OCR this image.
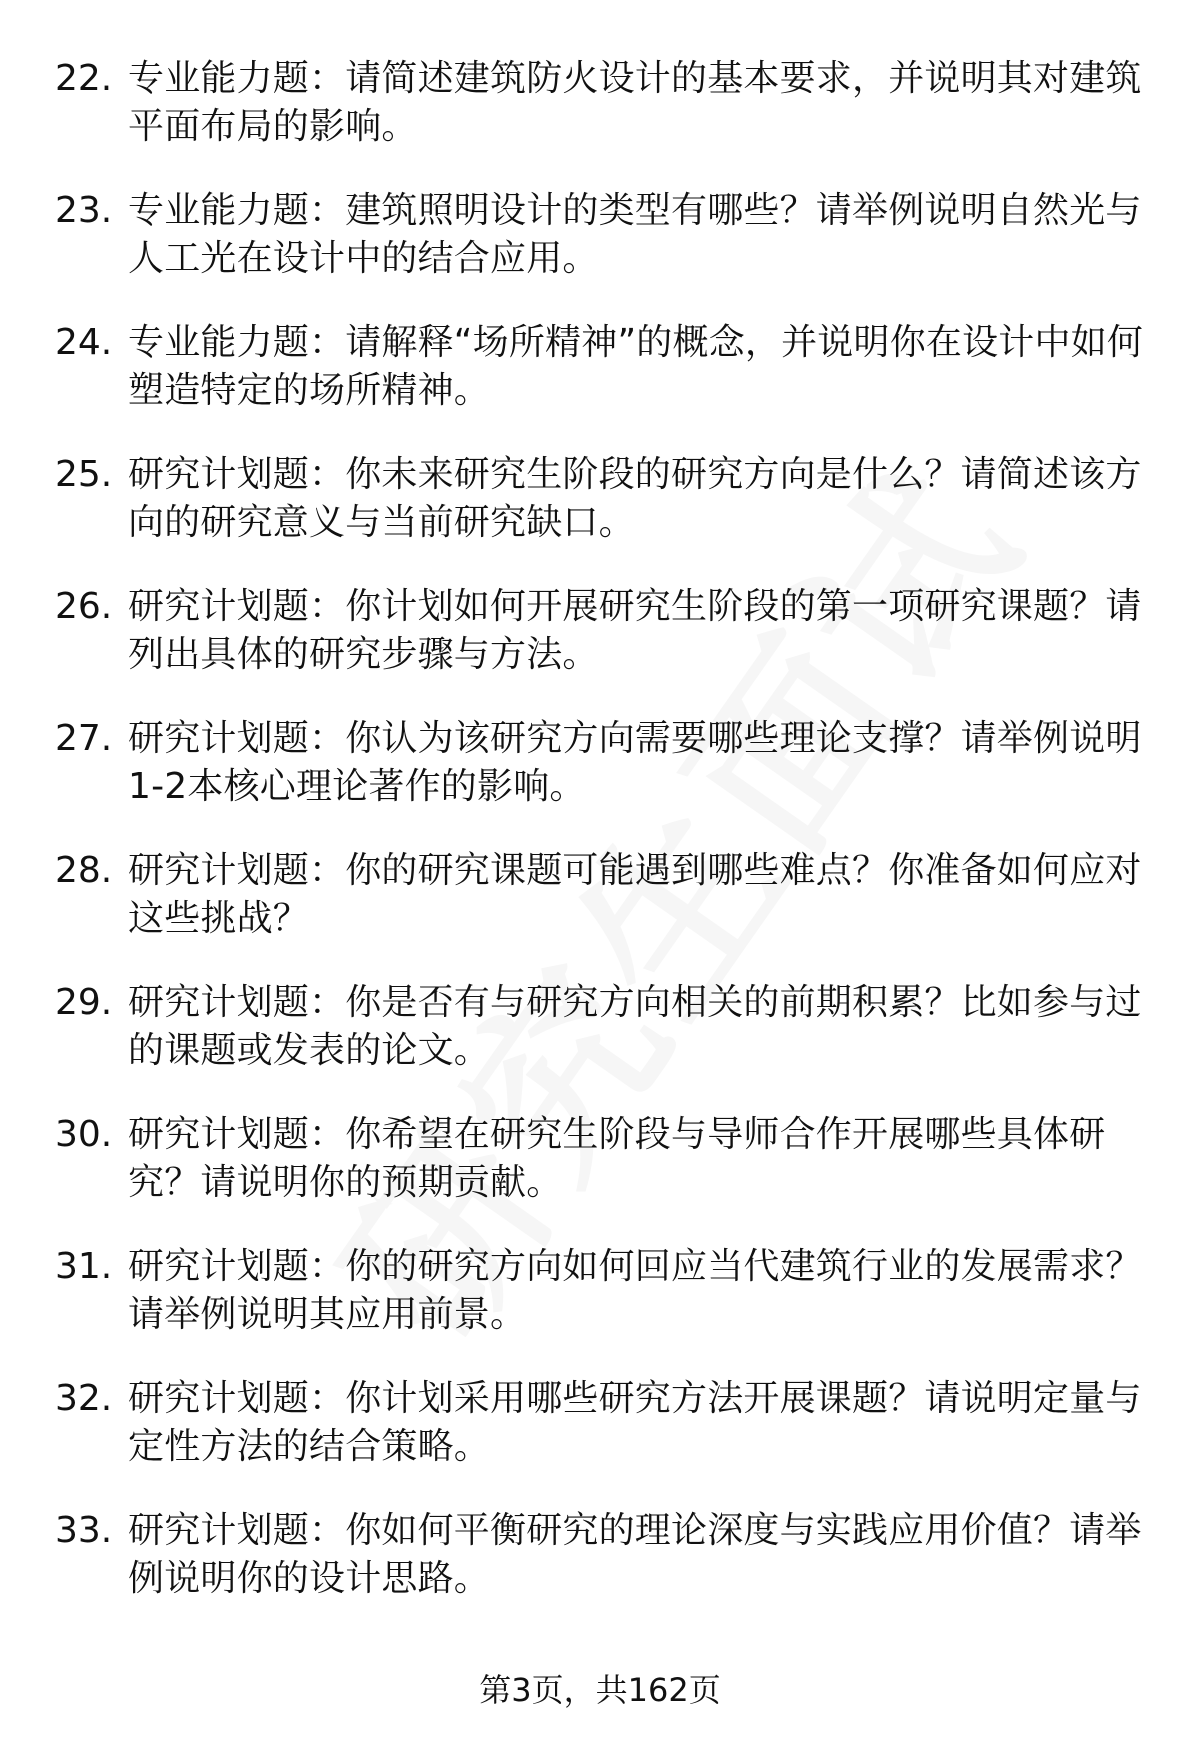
22. 专业能力题：请简述建筑防火设计的基本要求，并说明其对建筑平面布局的影响。
23. 专业能力题：建筑照明设计的类型有哪些？请举例说明自然光与人工光在设计中的结合应用。
24. 专业能力题：请解释“场所精神”的概念，并说明你在设计中如何塑造特定的场所精神。
25. 研究计划题：你未来研究生阶段的研究方向是什么？请简述该方向的研究意义与当前研究缺口。
26. 研究计划题：你计划如何开展研究生阶段的第一项研究课题？请列出具体的研究步骤与方法。
27. 研究计划题：你认为该研究方向需要哪些理论支撑？请举例说明1-2本核心理论著作的影响。
28. 研究计划题：你的研究课题可能遇到哪些难点？你准备如何应对这些挑战？
29. 研究计划题：你是否有与研究方向相关的前期积累？比如参与过的课题或发表的论文。
30. 研究计划题：你希望在研究生阶段与导师合作开展哪些具体研究？请说明你的预期贡献。
31. 研究计划题：你的研究方向如何回应当代建筑行业的发展需求？请举例说明其应用前景。
32. 研究计划题：你计划采用哪些研究方法开展课题？请说明定量与定性方法的结合策略。
33. 研究计划题：你如何平衡研究的理论深度与实践应用价值？请举例说明你的设计思路。
第3页，共162页
